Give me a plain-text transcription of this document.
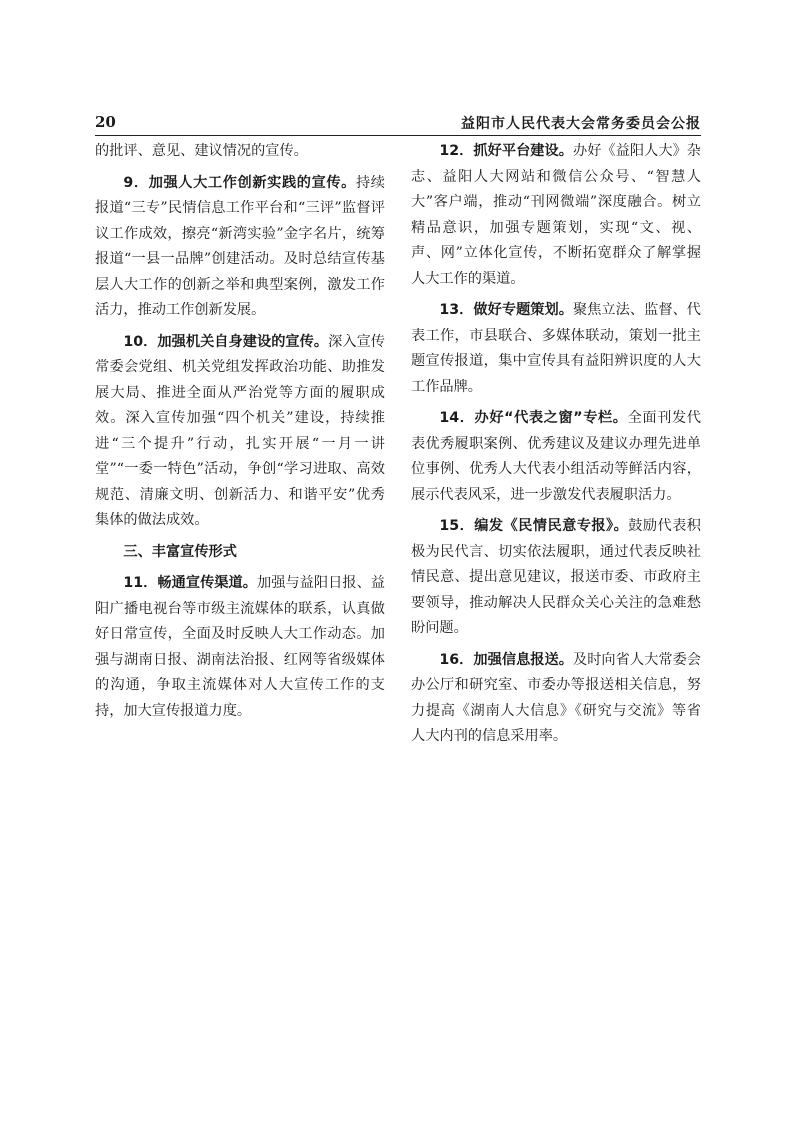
20	益阳市人民代表大会常务委员会公报

的批评、意见、建议情况的宣传。

9．加强人大工作创新实践的宣传。持续报道“三专”民情信息工作平台和“三评”监督评议工作成效，擦亮“新湾实验”金字名片，统筹报道“一县一品牌”创建活动。及时总结宣传基层人大工作的创新之举和典型案例，激发工作活力，推动工作创新发展。

10．加强机关自身建设的宣传。深入宣传常委会党组、机关党组发挥政治功能、助推发展大局、推进全面从严治党等方面的履职成效。深入宣传加强“四个机关”建设，持续推进“三个提升”行动，扎实开展“一月一讲堂”“一委一特色”活动，争创“学习进取、高效规范、清廉文明、创新活力、和谐平安”优秀集体的做法成效。

三、丰富宣传形式

11．畅通宣传渠道。加强与益阳日报、益阳广播电视台等市级主流媒体的联系，认真做好日常宣传，全面及时反映人大工作动态。加强与湖南日报、湖南法治报、红网等省级媒体的沟通，争取主流媒体对人大宣传工作的支持，加大宣传报道力度。

12．抓好平台建设。办好《益阳人大》杂志、益阳人大网站和微信公众号、“智慧人大”客户端，推动“刊网微端”深度融合。树立精品意识，加强专题策划，实现“文、视、声、网”立体化宣传，不断拓宽群众了解掌握人大工作的渠道。

13．做好专题策划。聚焦立法、监督、代表工作，市县联合、多媒体联动，策划一批主题宣传报道，集中宣传具有益阳辨识度的人大工作品牌。

14．办好“代表之窗”专栏。全面刊发代表优秀履职案例、优秀建议及建议办理先进单位事例、优秀人大代表小组活动等鲜活内容，展示代表风采，进一步激发代表履职活力。

15．编发《民情民意专报》。鼓励代表积极为民代言、切实依法履职，通过代表反映社情民意、提出意见建议，报送市委、市政府主要领导，推动解决人民群众关心关注的急难愁盼问题。

16．加强信息报送。及时向省人大常委会办公厅和研究室、市委办等报送相关信息，努力提高《湖南人大信息》《研究与交流》等省人大内刊的信息采用率。
